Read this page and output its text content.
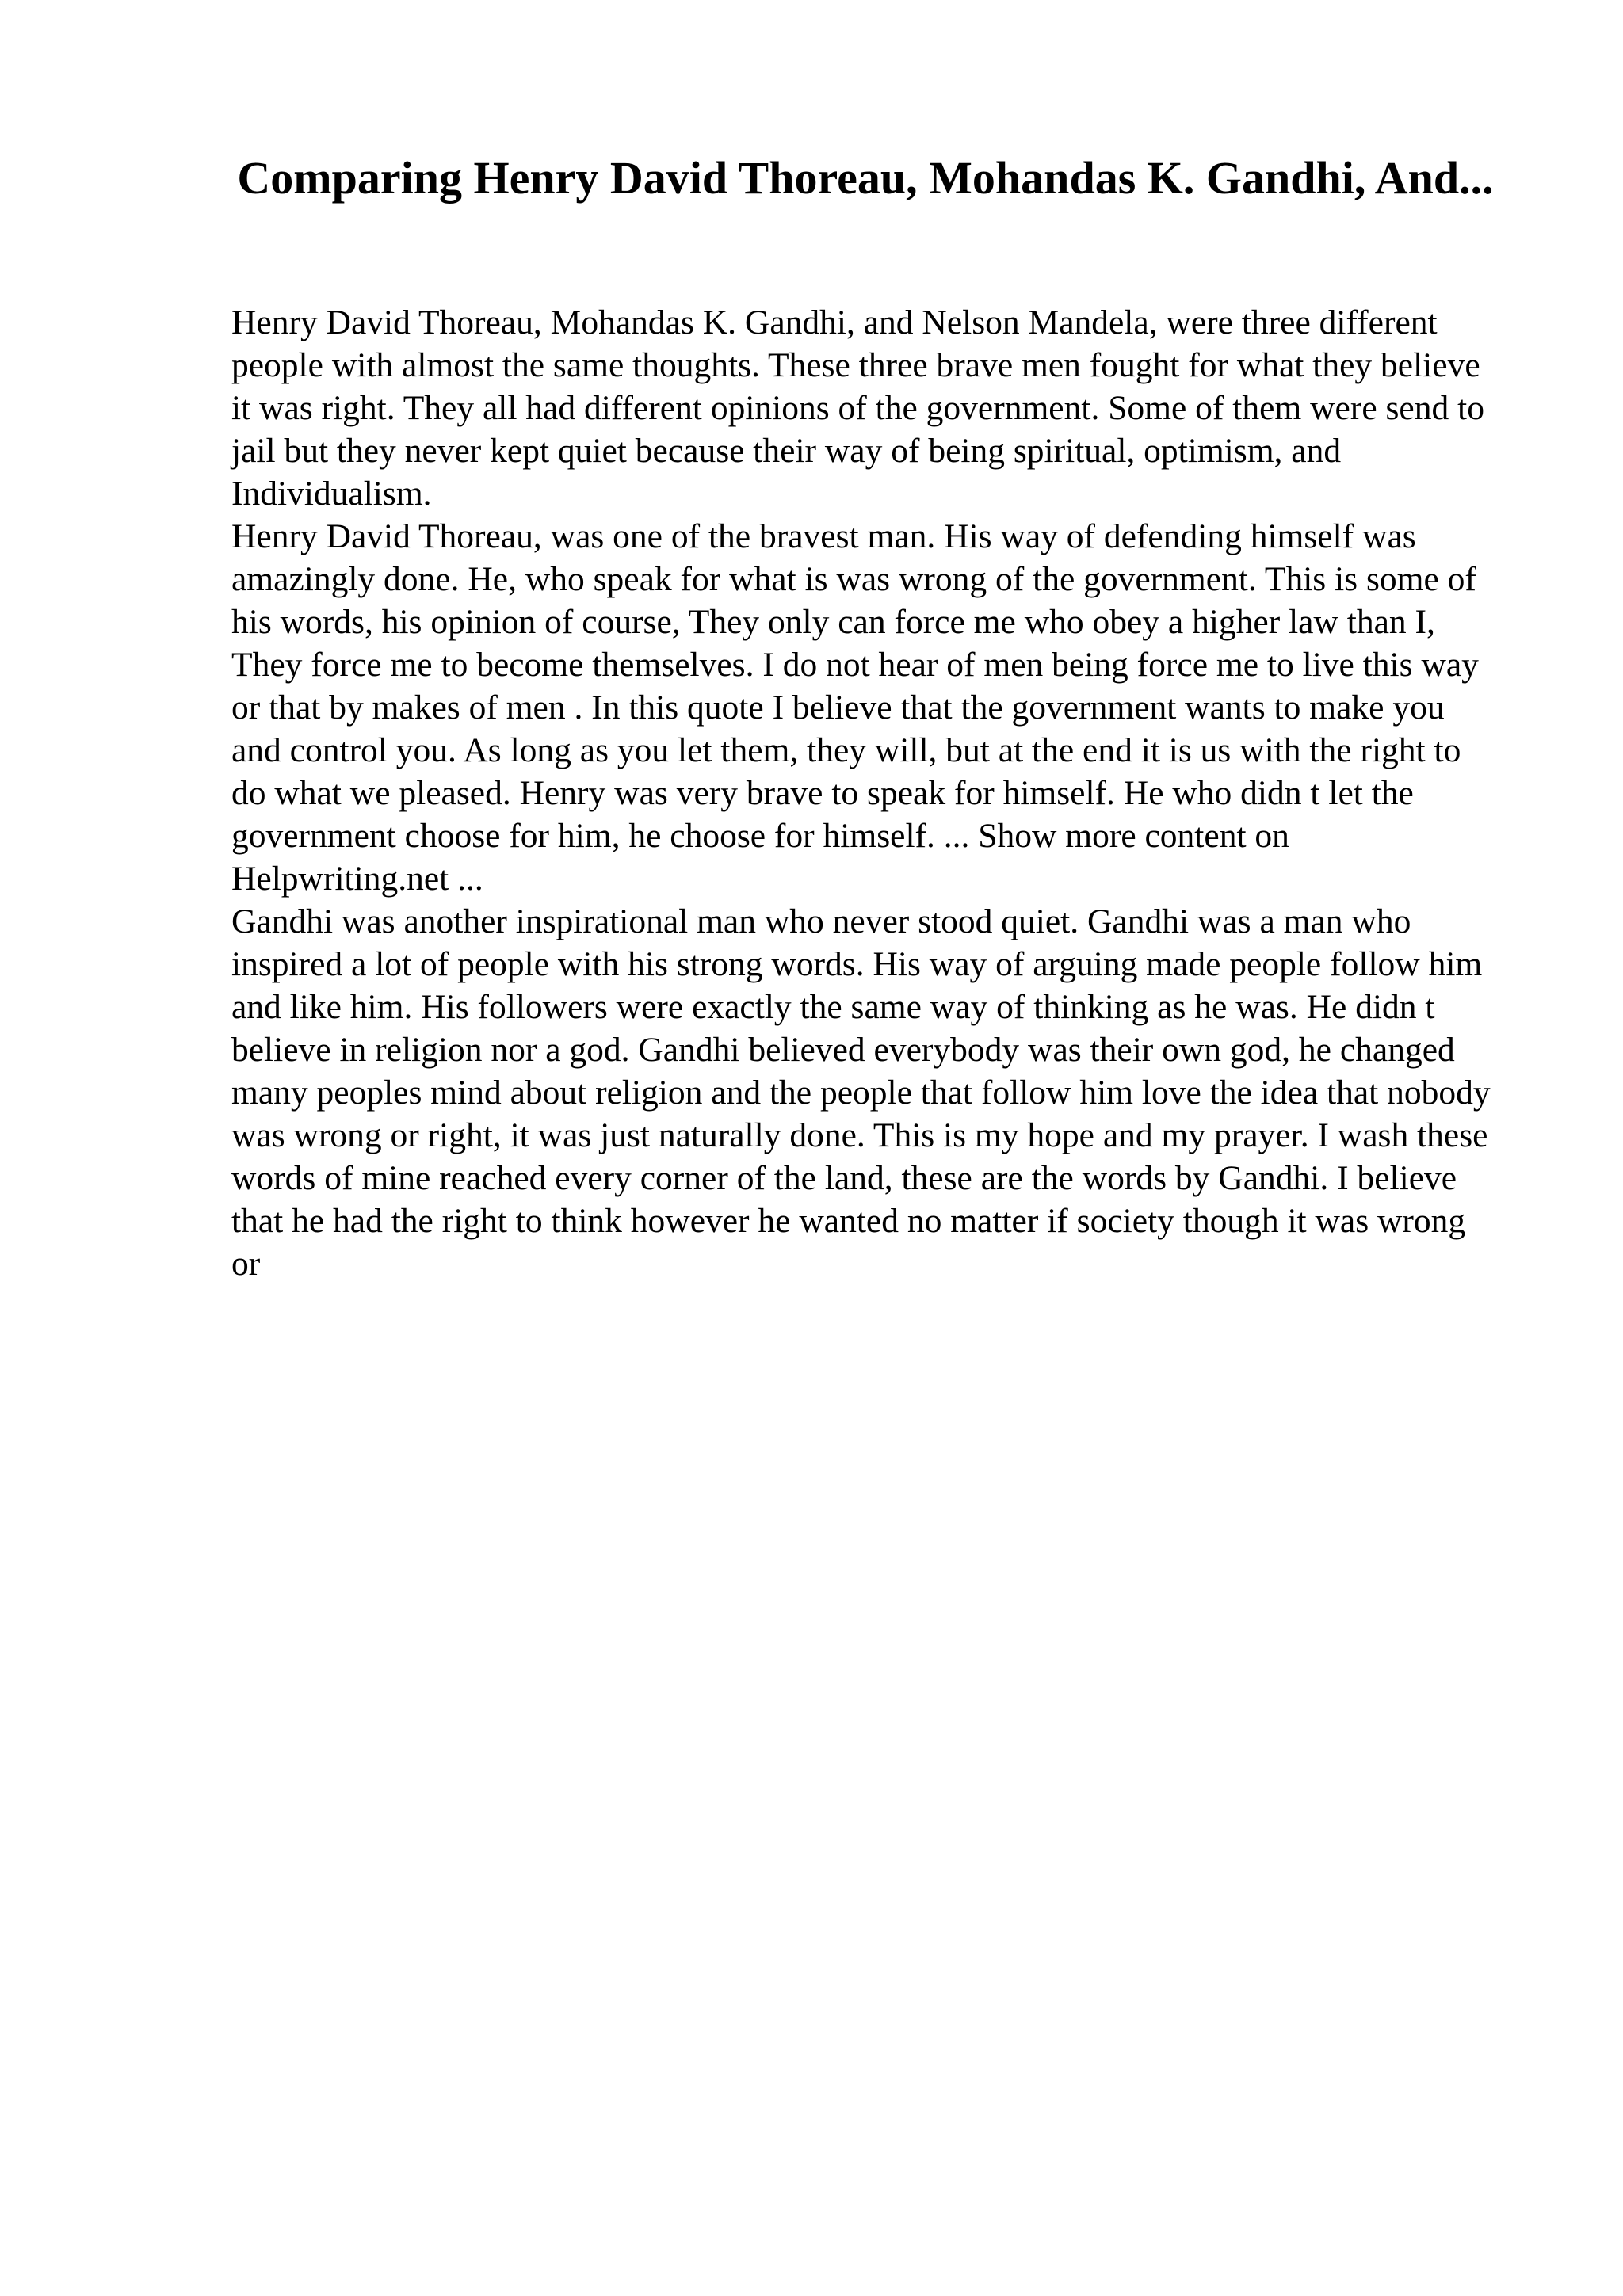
Comparing Henry David Thoreau, Mohandas K. Gandhi, And...

Henry David Thoreau, Mohandas K. Gandhi, and Nelson Mandela, were three different people with almost the same thoughts. These three brave men fought for what they believe it was right. They all had different opinions of the government. Some of them were send to jail but they never kept quiet because their way of being spiritual, optimism, and Individualism.

Henry David Thoreau, was one of the bravest man. His way of defending himself was amazingly done. He, who speak for what is was wrong of the government. This is some of his words, his opinion of course, They only can force me who obey a higher law than I, They force me to become themselves. I do not hear of men being force me to live this way or that by makes of men . In this quote I believe that the government wants to make you and control you. As long as you let them, they will, but at the end it is us with the right to do what we pleased. Henry was very brave to speak for himself. He who didn t let the government choose for him, he choose for himself. ... Show more content on Helpwriting.net ...

Gandhi was another inspirational man who never stood quiet. Gandhi was a man who inspired a lot of people with his strong words. His way of arguing made people follow him and like him. His followers were exactly the same way of thinking as he was. He didn t believe in religion nor a god. Gandhi believed everybody was their own god, he changed many peoples mind about religion and the people that follow him love the idea that nobody was wrong or right, it was just naturally done. This is my hope and my prayer. I wash these words of mine reached every corner of the land, these are the words by Gandhi. I believe that he had the right to think however he wanted no matter if society though it was wrong or
